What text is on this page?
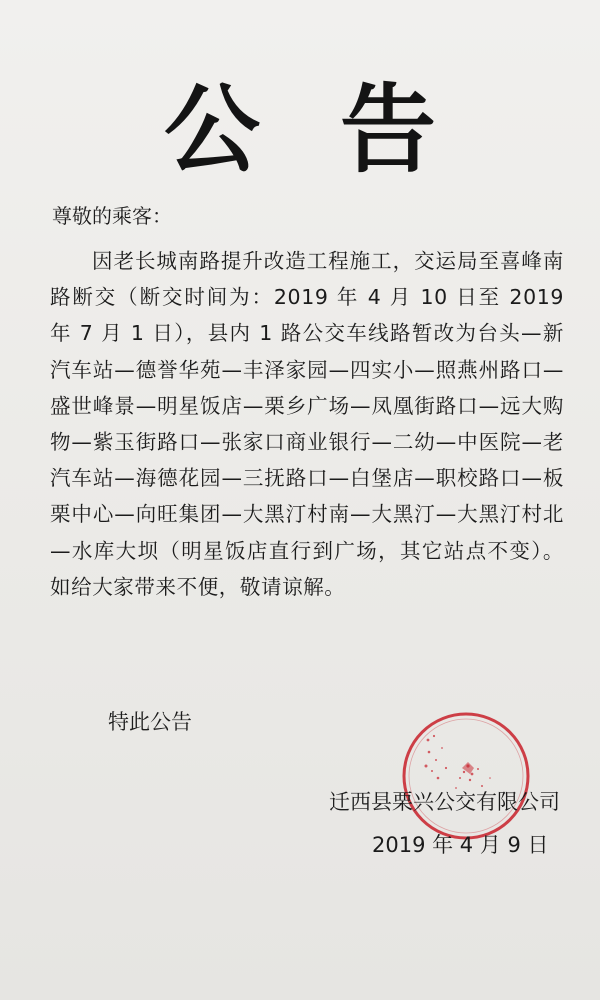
公告
尊敬的乘客：
因老长城南路提升改造工程施工，交运局至喜峰南路断交（断交时间为：2019 年 4 月 10 日至 2019 年 7 月 1 日），县内 1 路公交车线路暂改为台头—新汽车站—德誉华苑—丰泽家园—四实小—照燕州路口—盛世峰景—明星饭店—栗乡广场—凤凰街路口—远大购物—紫玉街路口—张家口商业银行—二幼—中医院—老汽车站—海德花园—三抚路口—白堡店—职校路口—板栗中心—向旺集团—大黑汀村南—大黑汀—大黑汀村北—水库大坝（明星饭店直行到广场，其它站点不变）。如给大家带来不便，敬请谅解。
特此公告
迁西县栗兴公交有限公司
2019 年 4 月 9 日
